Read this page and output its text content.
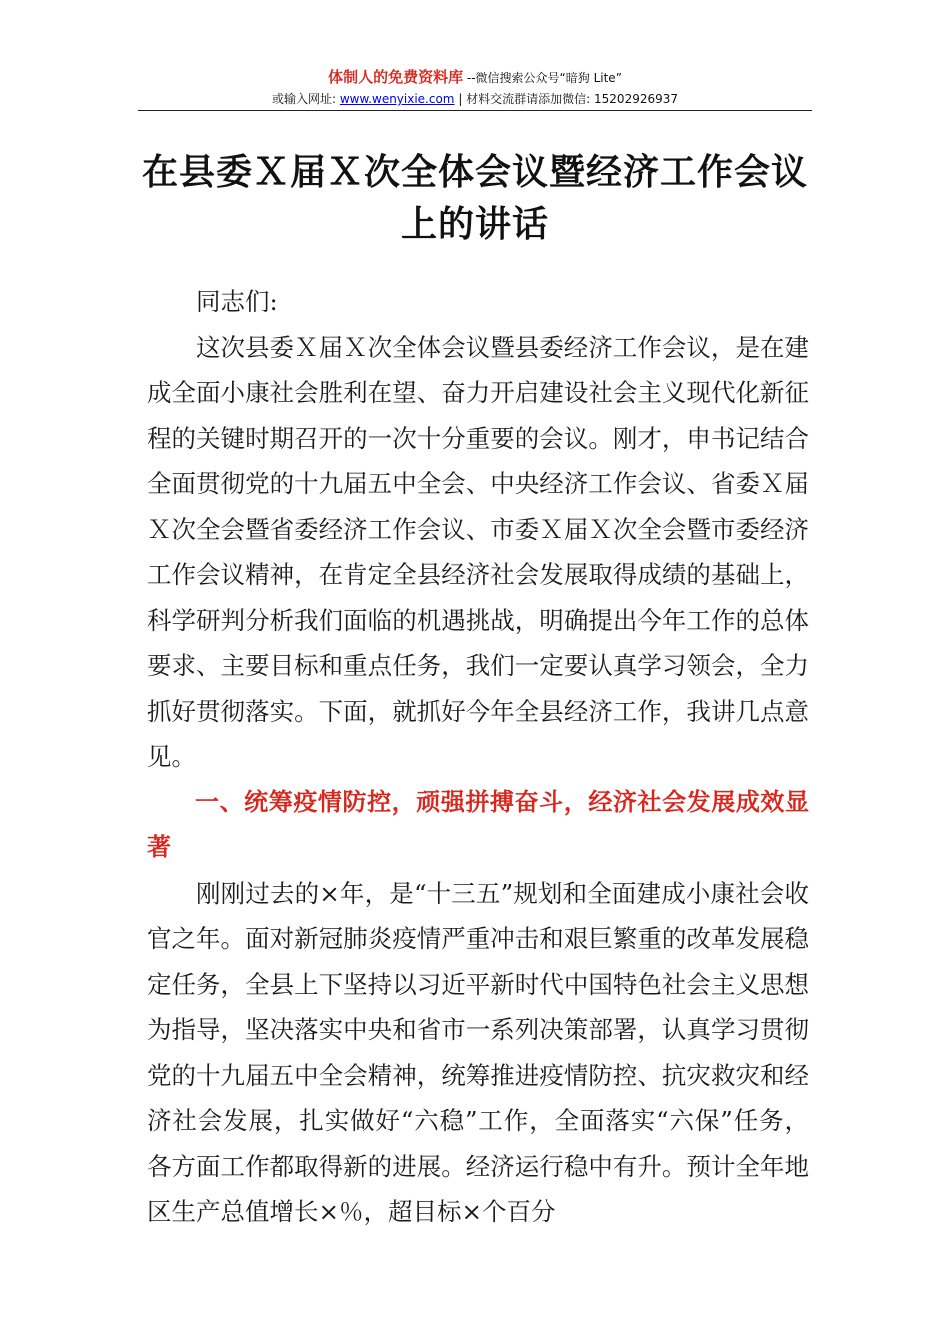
体制人的免费资料库 --微信搜索公众号“暗狗 Lite”
或输入网址: www.wenyixie.com | 材料交流群请添加微信: 15202926937
在县委Ｘ届Ｘ次全体会议暨经济工作会议
上的讲话

同志们:

这次县委Ｘ届Ｘ次全体会议暨县委经济工作会议，是在建成全面小康社会胜利在望、奋力开启建设社会主义现代化新征程的关键时期召开的一次十分重要的会议。刚才，申书记结合全面贯彻党的十九届五中全会、中央经济工作会议、省委Ｘ届Ｘ次全会暨省委经济工作会议、市委Ｘ届Ｘ次全会暨市委经济工作会议精神，在肯定全县经济社会发展取得成绩的基础上，科学研判分析我们面临的机遇挑战，明确提出今年工作的总体要求、主要目标和重点任务，我们一定要认真学习领会，全力抓好贯彻落实。下面，就抓好今年全县经济工作，我讲几点意见。

一、统筹疫情防控，顽强拼搏奋斗，经济社会发展成效显著

刚刚过去的×年，是“十三五”规划和全面建成小康社会收官之年。面对新冠肺炎疫情严重冲击和艰巨繁重的改革发展稳定任务，全县上下坚持以习近平新时代中国特色社会主义思想为指导，坚决落实中央和省市一系列决策部署，认真学习贯彻党的十九届五中全会精神，统筹推进疫情防控、抗灾救灾和经济社会发展，扎实做好“六稳”工作，全面落实“六保”任务，各方面工作都取得新的进展。经济运行稳中有升。预计全年地区生产总值增长×％，超目标×个百分
